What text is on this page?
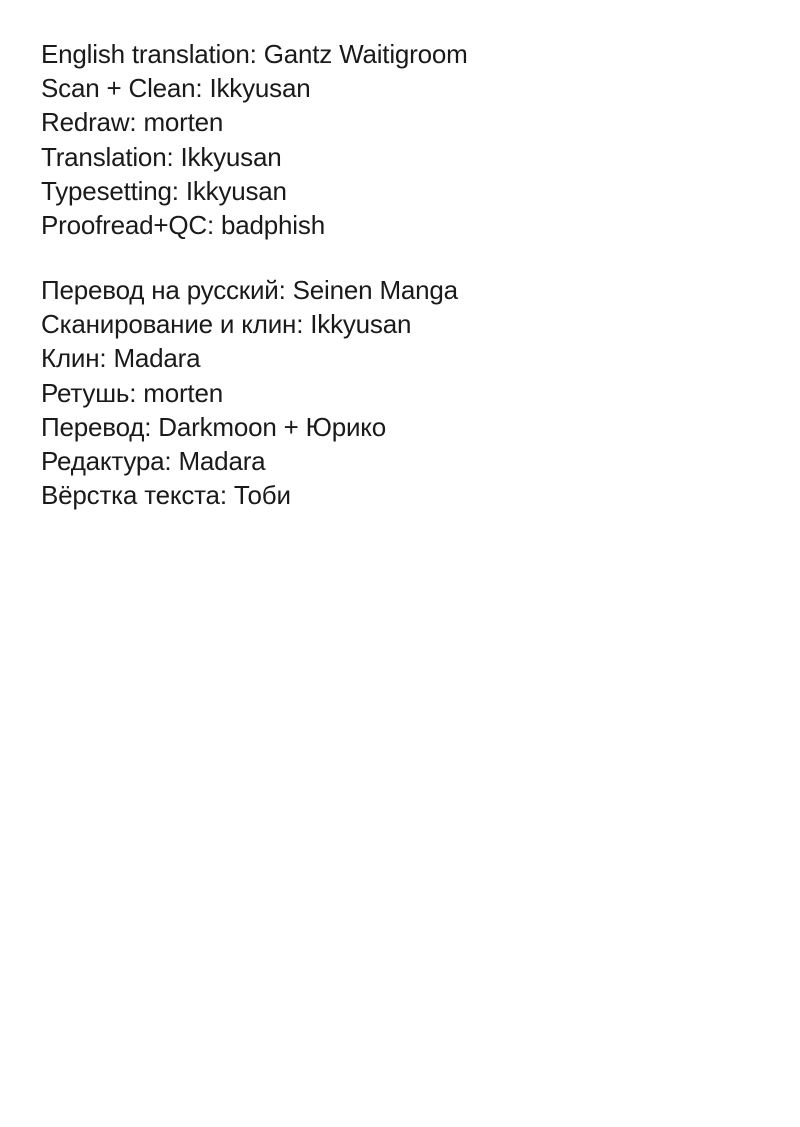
English translation: Gantz Waitigroom
Scan + Clean: Ikkyusan
Redraw: morten
Translation: Ikkyusan
Typesetting: Ikkyusan
Proofread+QC: badphish
Перевод на русский: Seinen Manga
Сканирование и клин: Ikkyusan
Клин: Madara
Ретушь: morten
Перевод: Darkmoon + Юрико
Редактура: Madara
Вёрстка текста: Тоби
